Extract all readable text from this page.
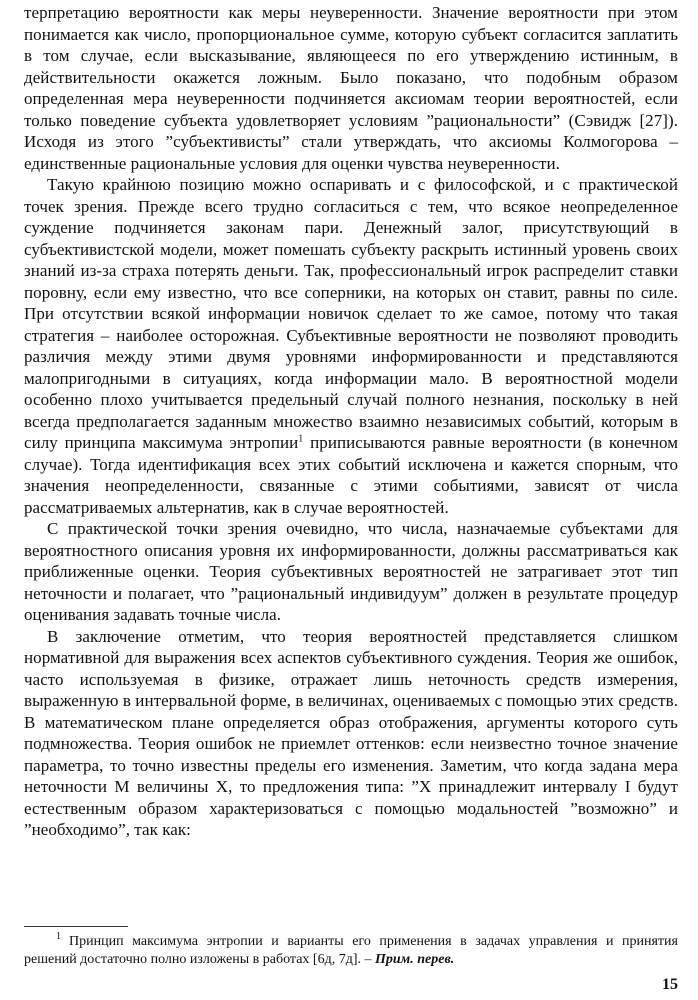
терпретацию вероятности как меры неуверенности. Значение вероятности при этом понимается как число, пропорциональное сумме, которую субъект согласится заплатить в том случае, если высказывание, являющееся по его утверждению истинным, в действительности окажется ложным. Было показано, что подобным образом определенная мера неуверенности подчиняется аксиомам теории вероятностей, если только поведение субъекта удовлетворяет условиям ”рациональности” (Сэвидж [27]). Исходя из этого ”субъективисты” стали утверждать, что аксиомы Колмогорова – единственные рациональные условия для оценки чувства неуверенности.

Такую крайнюю позицию можно оспаривать и с философской, и с практической точек зрения. Прежде всего трудно согласиться с тем, что всякое неопределенное суждение подчиняется законам пари. Денежный залог, присутствующий в субъективистской модели, может помешать субъекту раскрыть истинный уровень своих знаний из-за страха потерять деньги. Так, профессиональный игрок распределит ставки поровну, если ему известно, что все соперники, на которых он ставит, равны по силе. При отсутствии всякой информации новичок сделает то же самое, потому что такая стратегия – наиболее осторожная. Субъективные вероятности не позволяют проводить различия между этими двумя уровнями информированности и представляются малопригодными в ситуациях, когда информации мало. В вероятностной модели особенно плохо учитывается предельный случай полного незнания, поскольку в ней всегда предполагается заданным множество взаимно независимых событий, которым в силу принципа максимума энтропии$^1$ приписываются равные вероятности (в конечном случае). Тогда идентификация всех этих событий исключена и кажется спорным, что значения неопределенности, связанные с этими событиями, зависят от числа рассматриваемых альтернатив, как в случае вероятностей.

С практической точки зрения очевидно, что числа, назначаемые субъектами для вероятностного описания уровня их информированности, должны рассматриваться как приближенные оценки. Теория субъективных вероятностей не затрагивает этот тип неточности и полагает, что ”рациональный индивидуум” должен в результате процедур оценивания задавать точные числа.

В заключение отметим, что теория вероятностей представляется слишком нормативной для выражения всех аспектов субъективного суждения. Теория же ошибок, часто используемая в физике, отражает лишь неточность средств измерения, выраженную в интервальной форме, в величинах, оцениваемых с помощью этих средств. В математическом плане определяется образ отображения, аргументы которого суть подмножества. Теория ошибок не приемлет оттенков: если неизвестно точное значение параметра, то точно известны пределы его изменения. Заметим, что когда задана мера неточности М величины Х, то предложения типа: ”Х принадлежит интервалу I будут естественным образом характеризоваться с помощью модальностей ”возможно” и ”необходимо”, так как:

$^1$ Принцип максимума энтропии и варианты его применения в задачах управления и принятия решений достаточно полно изложены в работах [6д, 7д]. – Прим. перев.
15
